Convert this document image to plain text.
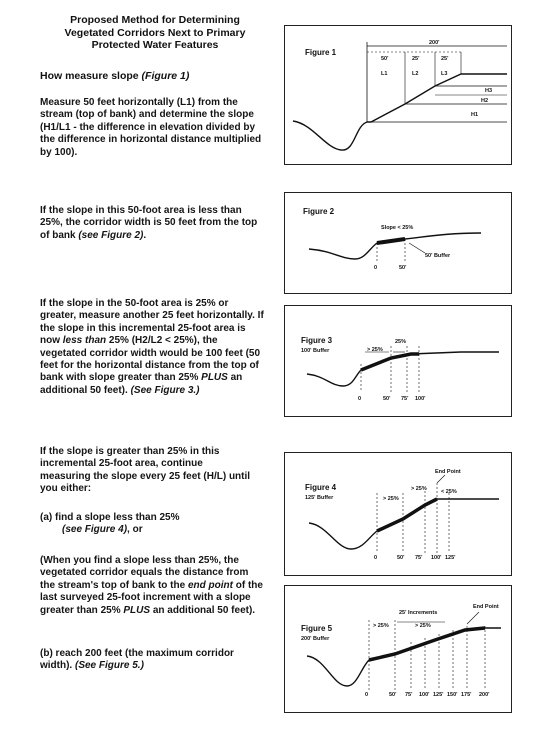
Proposed Method for Determining
Vegetated Corridors Next to Primary
Protected Water Features
How measure slope (Figure 1)
Measure 50 feet horizontally (L1) from the stream (top of bank) and determine the slope (H1/L1 - the difference in elevation divided by the difference in horizontal distance multiplied by 100).
If the slope in this 50-foot area is less than 25%, the corridor width is 50 feet from the top of bank (see Figure 2).
If the slope in the 50-foot area is 25% or greater, measure another 25 feet horizontally. If the slope in this incremental 25-foot area is now less than 25% (H2/L2 < 25%), the vegetated corridor width would be 100 feet (50 feet for the horizontal distance from the top of bank with slope greater than 25% PLUS an additional 50 feet). (See Figure 3.)
If the slope is greater than 25% in this incremental 25-foot area, continue measuring the slope every 25 feet (H/L) until you either:
(a) find a slope less than 25%
(see Figure 4), or
(When you find a slope less than 25%, the vegetated corridor equals the distance from the stream's top of bank to the end point of the last surveyed 25-foot increment with a slope greater than 25% PLUS an additional 50 feet).
(b) reach 200 feet (the maximum corridor width). (See Figure 5.)
Figure 1
200'
50'	25'	25'
L1	L2	L3
H3
H2
H1
Figure 2
Slope < 25%
50' Buffer
0	50'
Figure 3
100' Buffer	> 25%
25%
0	50' 75' 100'
Figure 4
125' Buffer
End Point
> 25%
> 25%	< 25%
0	50' 75' 100' 125'
Figure 5
200' Buffer
25' Increments
End Point
> 25%	> 25%
0	50' 75' 100' 125' 150' 175' 200'
